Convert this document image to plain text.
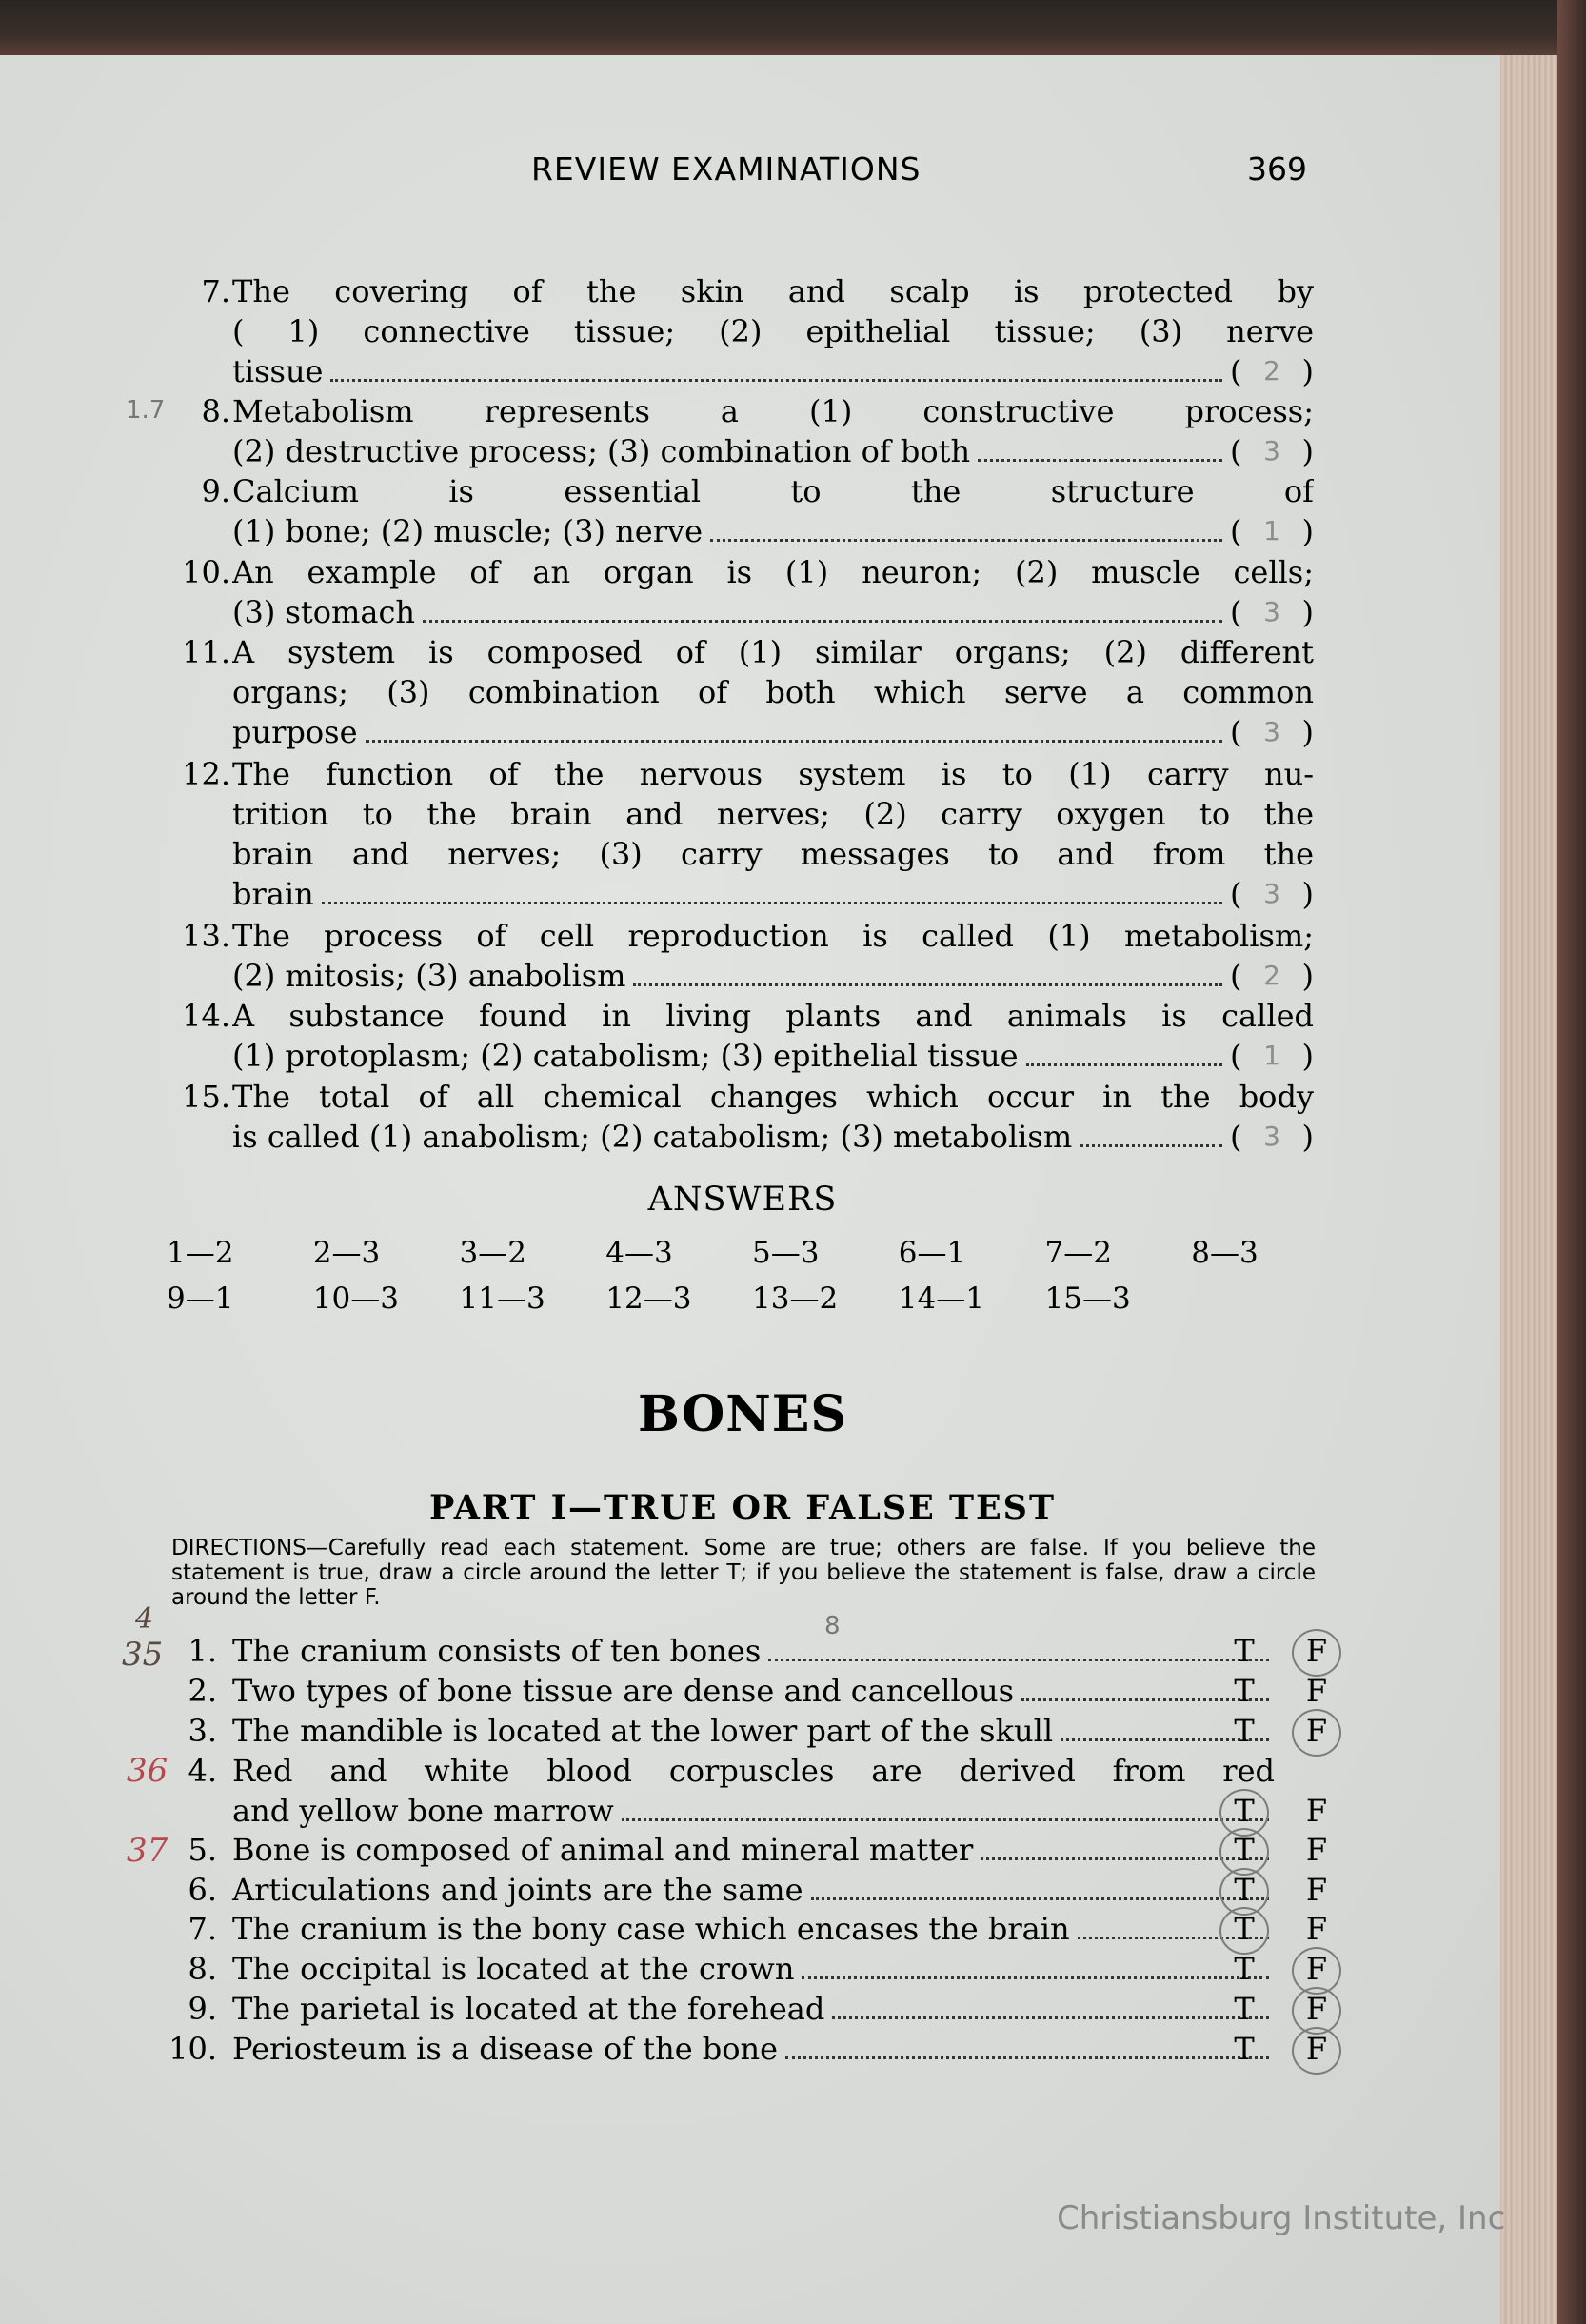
REVIEW EXAMINATIONS	369
7. The covering of the skin and scalp is protected by
( 1) connective tissue; (2) epithelial tissue; (3) nerve
tissue	( 2 )
8. Metabolism represents a (1) constructive process;
(2) destructive process; (3) combination of both	( 3 )
9. Calcium is essential to the structure of
(1) bone; (2) muscle; (3) nerve	( 1 )
10. An example of an organ is (1) neuron; (2) muscle cells;
(3) stomach	( 3 )
11. A system is composed of (1) similar organs; (2) different
organs; (3) combination of both which serve a common
purpose	( 3 )
12. The function of the nervous system is to (1) carry nu-
trition to the brain and nerves; (2) carry oxygen to the
brain and nerves; (3) carry messages to and from the
brain	( 3 )
13. The process of cell reproduction is called (1) metabolism;
(2) mitosis; (3) anabolism	( 2 )
14. A substance found in living plants and animals is called
(1) protoplasm; (2) catabolism; (3) epithelial tissue	( 1 )
15. The total of all chemical changes which occur in the body
is called (1) anabolism; (2) catabolism; (3) metabolism	( 3 )
ANSWERS
1—2	2—3	3—2	4—3	5—3	6—1	7—2	8—3
9—1	10—3	11—3	12—3	13—2	14—1	15—3
BONES
PART I—TRUE OR FALSE TEST
DIRECTIONS—Carefully read each statement. Some are true; others are false. If you believe the statement is true, draw a circle around the letter T; if you believe the statement is false, draw a circle around the letter F.
1. The cranium consists of ten bones	T	F
2. Two types of bone tissue are dense and cancellous	T	F
3. The mandible is located at the lower part of the skull	T	F
4. Red and white blood corpuscles are derived from red
and yellow bone marrow	T	F
5. Bone is composed of animal and mineral matter	T	F
6. Articulations and joints are the same	T	F
7. The cranium is the bony case which encases the brain	T	F
8. The occipital is located at the crown	T	F
9. The parietal is located at the forehead	T	F
10. Periosteum is a disease of the bone	T	F
1.7
4
35
8
36
37
Christiansburg Institute, Inc
